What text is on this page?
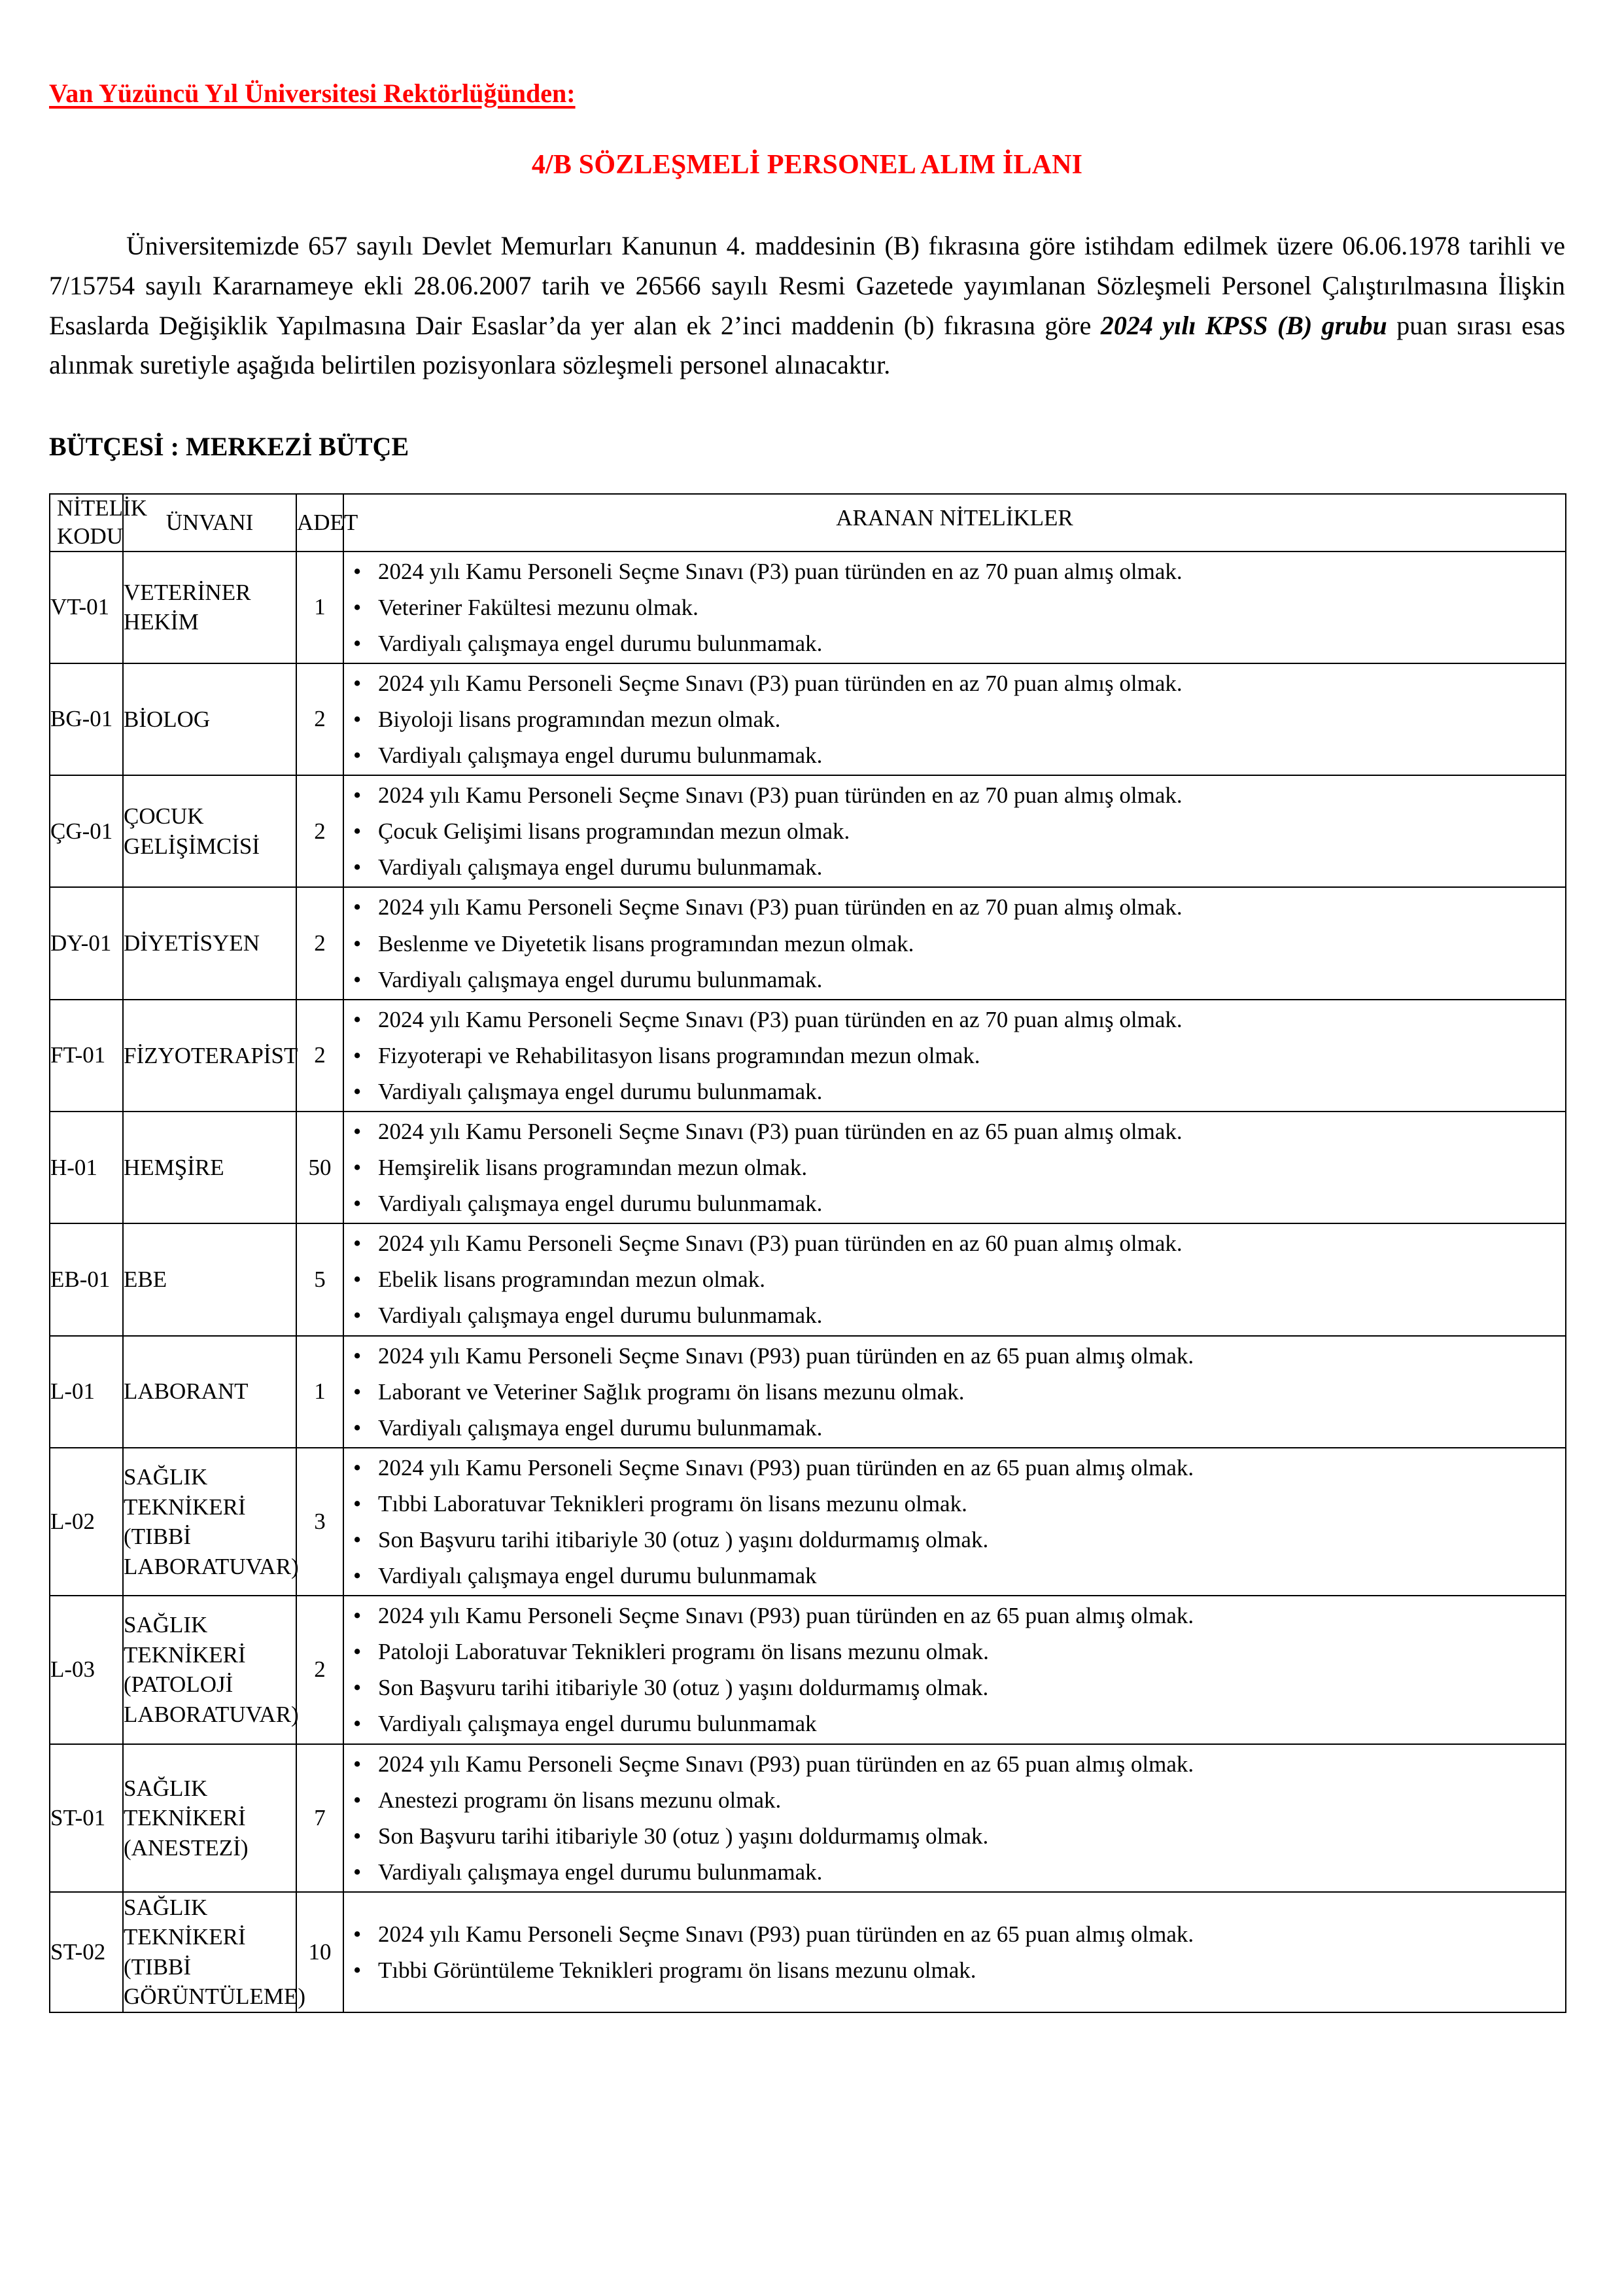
Van Yüzüncü Yıl Üniversitesi Rektörlüğünden:
4/B SÖZLEŞMELİ PERSONEL ALIM İLANI

Üniversitemizde 657 sayılı Devlet Memurları Kanunun 4. maddesinin (B) fıkrasına göre istihdam edilmek üzere 06.06.1978 tarihli ve 7/15754 sayılı Kararnameye ekli 28.06.2007 tarih ve 26566 sayılı Resmi Gazetede yayımlanan Sözleşmeli Personel Çalıştırılmasına İlişkin Esaslarda Değişiklik Yapılmasına Dair Esaslar’da yer alan ek 2’inci maddenin (b) fıkrasına göre 2024 yılı KPSS (B) grubu puan sırası esas alınmak suretiyle aşağıda belirtilen pozisyonlara sözleşmeli personel alınacaktır.

BÜTÇESİ : MERKEZİ BÜTÇE
NİTELİK
KODU	ÜNVANI	ADET	ARANAN NİTELİKLER
VT-01	VETERİNER HEKİM	1	
• 2024 yılı Kamu Personeli Seçme Sınavı (P3) puan türünden en az 70 puan almış olmak.
• Veteriner Fakültesi mezunu olmak.
• Vardiyalı çalışmaya engel durumu bulunmamak.

BG-01	BİOLOG	2	
• 2024 yılı Kamu Personeli Seçme Sınavı (P3) puan türünden en az 70 puan almış olmak.
• Biyoloji lisans programından mezun olmak.
• Vardiyalı çalışmaya engel durumu bulunmamak.

ÇG-01	ÇOCUK GELİŞİMCİSİ	2	
• 2024 yılı Kamu Personeli Seçme Sınavı (P3) puan türünden en az 70 puan almış olmak.
• Çocuk Gelişimi lisans programından mezun olmak.
• Vardiyalı çalışmaya engel durumu bulunmamak.

DY-01	DİYETİSYEN	2	
• 2024 yılı Kamu Personeli Seçme Sınavı (P3) puan türünden en az 70 puan almış olmak.
• Beslenme ve Diyetetik lisans programından mezun olmak.
• Vardiyalı çalışmaya engel durumu bulunmamak.

FT-01	FİZYOTERAPİST	2	
• 2024 yılı Kamu Personeli Seçme Sınavı (P3) puan türünden en az 70 puan almış olmak.
• Fizyoterapi ve Rehabilitasyon lisans programından mezun olmak.
• Vardiyalı çalışmaya engel durumu bulunmamak.

H-01	HEMŞİRE	50	
• 2024 yılı Kamu Personeli Seçme Sınavı (P3) puan türünden en az 65 puan almış olmak.
• Hemşirelik lisans programından mezun olmak.
• Vardiyalı çalışmaya engel durumu bulunmamak.

EB-01	EBE	5	
• 2024 yılı Kamu Personeli Seçme Sınavı (P3) puan türünden en az 60 puan almış olmak.
• Ebelik lisans programından mezun olmak.
• Vardiyalı çalışmaya engel durumu bulunmamak.

L-01	LABORANT	1	
• 2024 yılı Kamu Personeli Seçme Sınavı (P93) puan türünden en az 65 puan almış olmak.
• Laborant ve Veteriner Sağlık programı ön lisans mezunu olmak.
• Vardiyalı çalışmaya engel durumu bulunmamak.

L-02	SAĞLIK TEKNİKERİ (TIBBİ LABORATUVAR)	3	
• 2024 yılı Kamu Personeli Seçme Sınavı (P93) puan türünden en az 65 puan almış olmak.
• Tıbbi Laboratuvar Teknikleri programı ön lisans mezunu olmak.
• Son Başvuru tarihi itibariyle 30 (otuz ) yaşını doldurmamış olmak.
• Vardiyalı çalışmaya engel durumu bulunmamak

L-03	SAĞLIK TEKNİKERİ (PATOLOJİ LABORATUVAR)	2	
• 2024 yılı Kamu Personeli Seçme Sınavı (P93) puan türünden en az 65 puan almış olmak.
• Patoloji Laboratuvar Teknikleri programı ön lisans mezunu olmak.
• Son Başvuru tarihi itibariyle 30 (otuz ) yaşını doldurmamış olmak.
• Vardiyalı çalışmaya engel durumu bulunmamak

ST-01	SAĞLIK TEKNİKERİ (ANESTEZİ)	7	
• 2024 yılı Kamu Personeli Seçme Sınavı (P93) puan türünden en az 65 puan almış olmak.
• Anestezi programı ön lisans mezunu olmak.
• Son Başvuru tarihi itibariyle 30 (otuz ) yaşını doldurmamış olmak.
• Vardiyalı çalışmaya engel durumu bulunmamak.

ST-02	SAĞLIK TEKNİKERİ (TIBBİ GÖRÜNTÜLEME)	10	
• 2024 yılı Kamu Personeli Seçme Sınavı (P93) puan türünden en az 65 puan almış olmak.
• Tıbbi Görüntüleme Teknikleri programı ön lisans mezunu olmak.
